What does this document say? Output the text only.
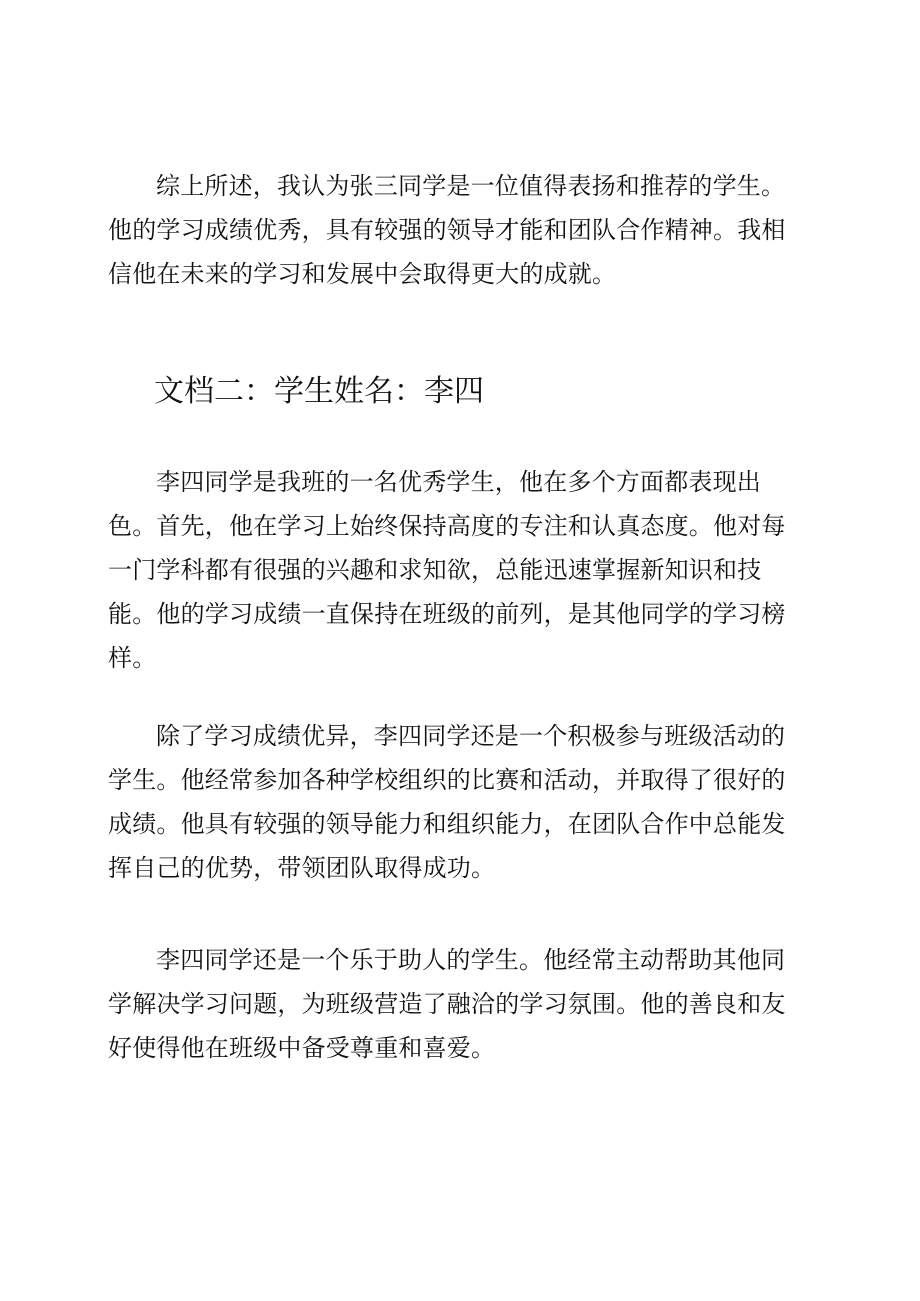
综上所述，我认为张三同学是一位值得表扬和推荐的学生。他的学习成绩优秀，具有较强的领导才能和团队合作精神。我相信他在未来的学习和发展中会取得更大的成就。

文档二：学生姓名：李四

李四同学是我班的一名优秀学生，他在多个方面都表现出色。首先，他在学习上始终保持高度的专注和认真态度。他对每一门学科都有很强的兴趣和求知欲，总能迅速掌握新知识和技能。他的学习成绩一直保持在班级的前列，是其他同学的学习榜样。

除了学习成绩优异，李四同学还是一个积极参与班级活动的学生。他经常参加各种学校组织的比赛和活动，并取得了很好的成绩。他具有较强的领导能力和组织能力，在团队合作中总能发挥自己的优势，带领团队取得成功。

李四同学还是一个乐于助人的学生。他经常主动帮助其他同学解决学习问题，为班级营造了融洽的学习氛围。他的善良和友好使得他在班级中备受尊重和喜爱。
